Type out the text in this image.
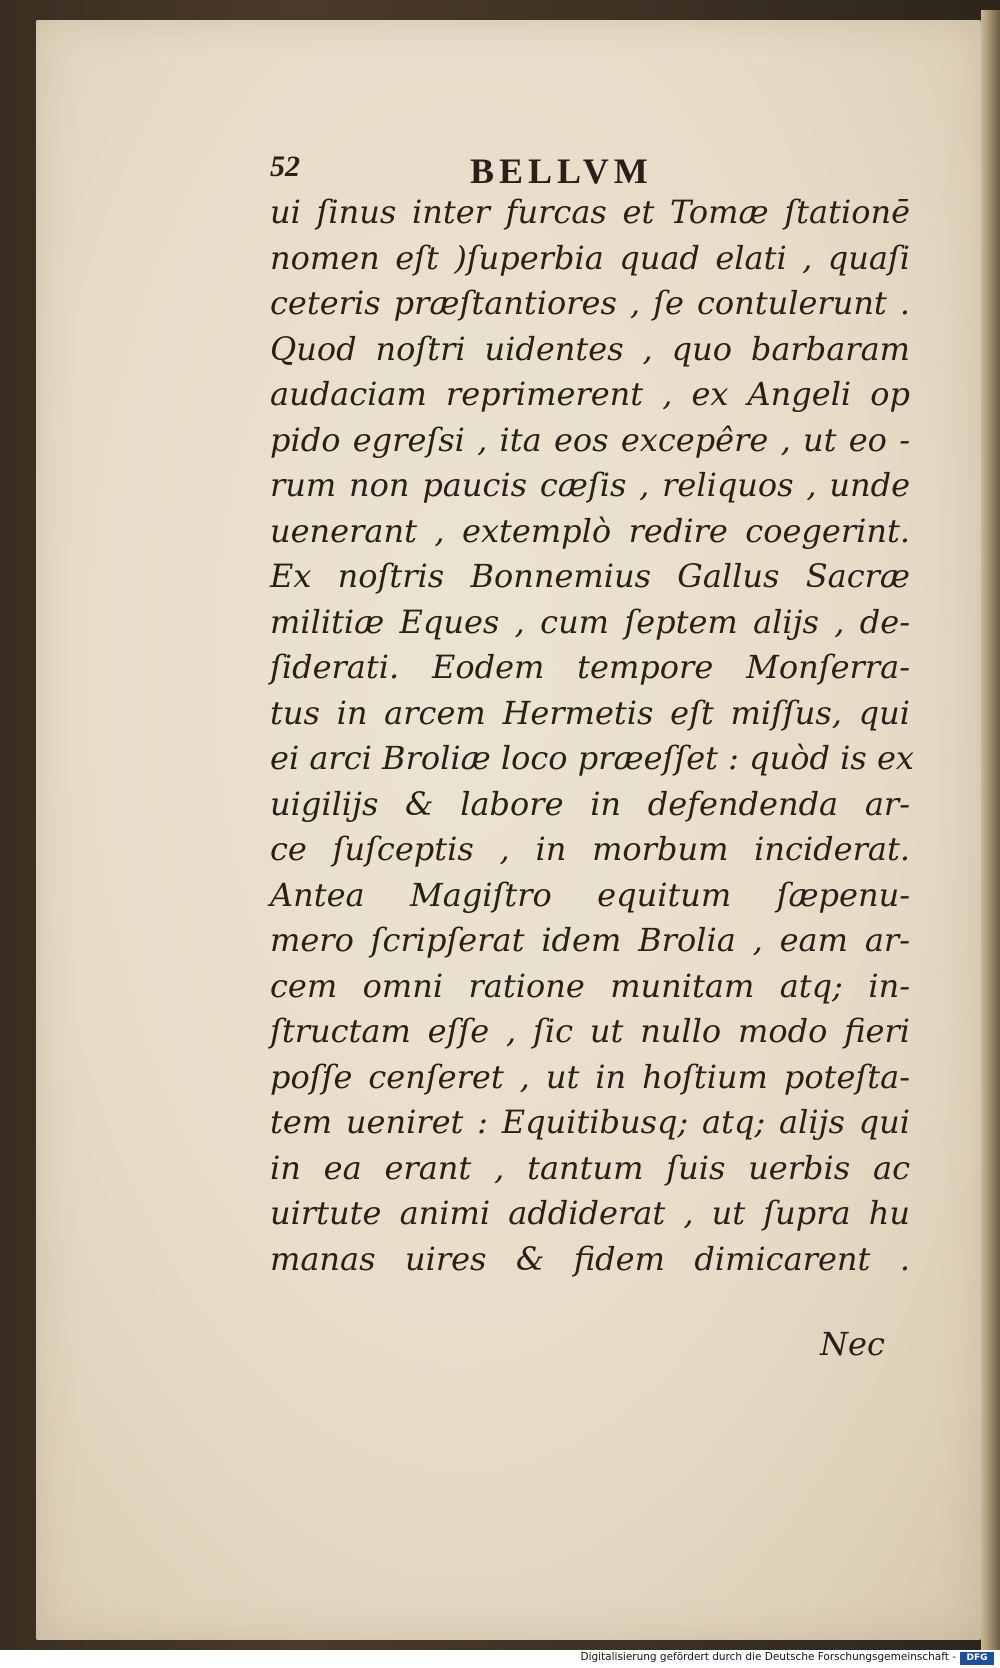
52	BELLVM
ui ſinus inter furcas et Tomæ ſtationē
nomen eſt )ſuperbia quad elati , quaſi
ceteris præſtantiores , ſe contulerunt .
Quod noſtri uidentes , quo barbaram
audaciam reprimerent , ex Angeli op
pido egreſsi , ita eos excepêre , ut eo -
rum non paucis cæſis , reliquos , unde
uenerant , extemplò redire coegerint.
Ex noſtris Bonnemius Gallus Sacræ
militiæ Eques , cum ſeptem alijs , de-
ſiderati. Eodem tempore Monſerra-
tus in arcem Hermetis eſt miſſus, qui
ei arci Broliæ loco præeſſet : quòd is ex
uigilijs & labore in defendenda ar-
ce ſuſceptis , in morbum inciderat.
Antea Magiſtro equitum ſæpenu-
mero ſcripſerat idem Brolia , eam ar-
cem omni ratione munitam atq; in-
ſtructam eſſe , ſic ut nullo modo fieri
poſſe cenſeret , ut in hoſtium poteſta-
tem ueniret : Equitibusq; atq; alijs qui
in ea erant , tantum ſuis uerbis ac
uirtute animi addiderat , ut ſupra hu
manas uires & fidem dimicarent .
Nec
Digitalisierung gefördert durch die Deutsche Forschungsgemeinschaft -	DFG
